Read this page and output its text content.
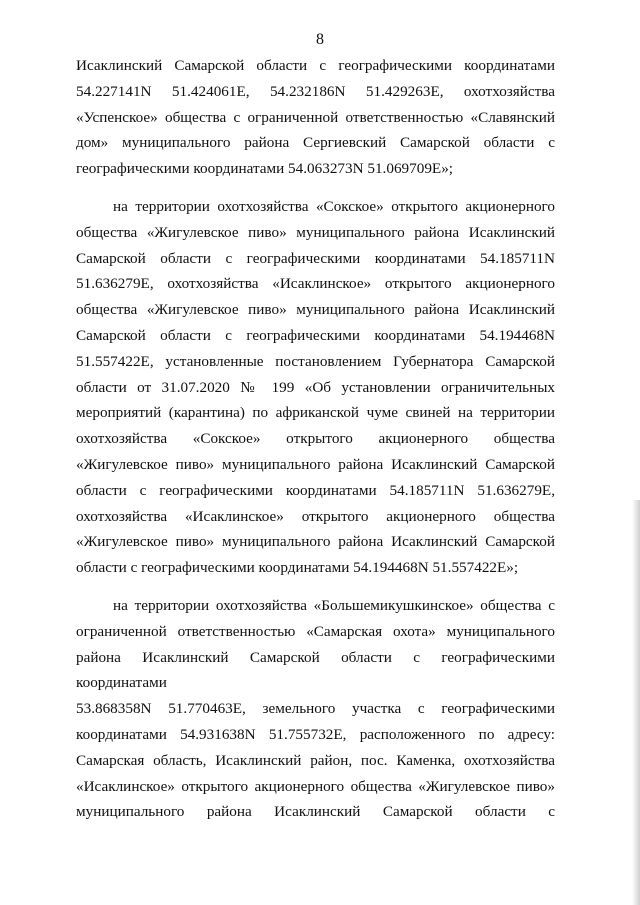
8

Исаклинский Самарской области с географическими координатами

54.227141N 51.424061E, 54.232186N 51.429263E, охотхозяйства

«Успенское» общества с ограниченной ответственностью «Славянский

дом» муниципального района Сергиевский Самарской области с

географическими координатами 54.063273N 51.069709E»;

на территории охотхозяйства «Сокское» открытого акционерного

общества «Жигулевское пиво» муниципального района Исаклинский

Самарской области с географическими координатами 54.185711N

51.636279E, охотхозяйства «Исаклинское» открытого акционерного

общества «Жигулевское пиво» муниципального района Исаклинский

Самарской области с географическими координатами 54.194468N

51.557422E, установленные постановлением Губернатора Самарской

области от 31.07.2020 № 199 «Об установлении ограничительных

мероприятий (карантина) по африканской чуме свиней на территории

охотхозяйства «Сокское» открытого акционерного общества

«Жигулевское пиво» муниципального района Исаклинский Самарской

области с географическими координатами 54.185711N 51.636279E,

охотхозяйства «Исаклинское» открытого акционерного общества

«Жигулевское пиво» муниципального района Исаклинский Самарской

области с географическими координатами 54.194468N 51.557422E»;

на территории охотхозяйства «Большемикушкинское» общества с

ограниченной ответственностью «Самарская охота» муниципального

района Исаклинский Самарской области с географическими координатами

53.868358N 51.770463E, земельного участка с географическими

координатами 54.931638N 51.755732E, расположенного по адресу:

Самарская область, Исаклинский район, пос. Каменка, охотхозяйства

«Исаклинское» открытого акционерного общества «Жигулевское пиво»

муниципального района Исаклинский Самарской области с
